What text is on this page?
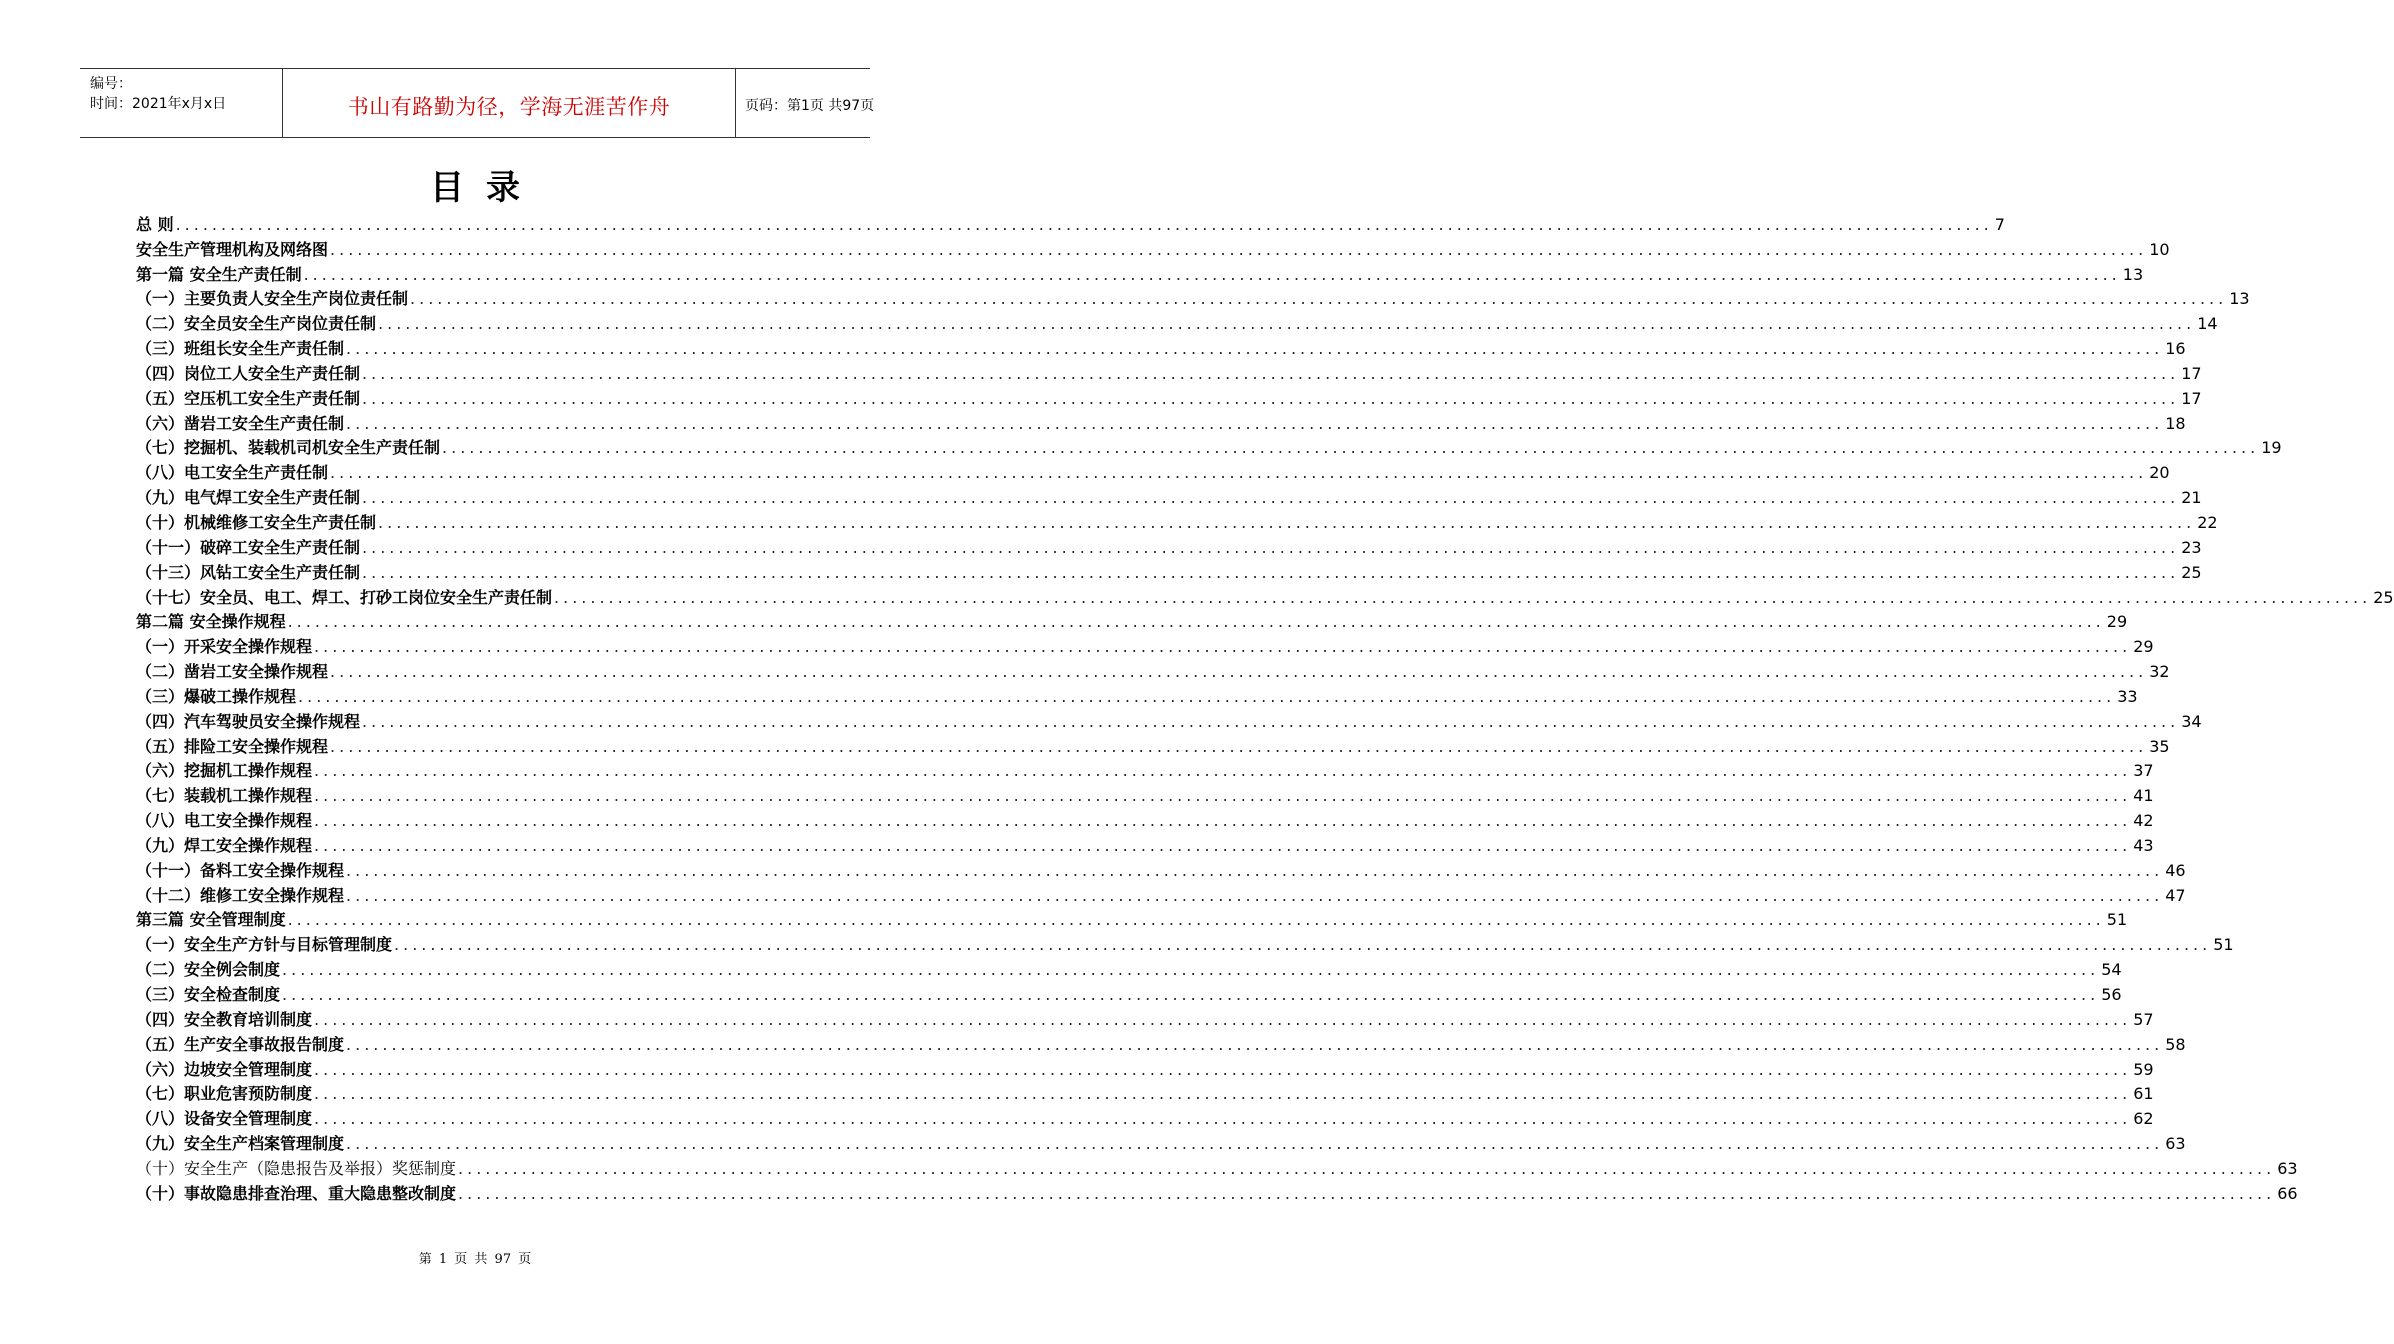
编号：
时间：2021年x月x日	书山有路勤为径，学海无涯苦作舟	页码：第1页 共97页
目录
总 则 ........................................................................................................................................................................................................ 7
安全生产管理机构及网络图 ........................................................................................................................................................................................................ 10
第一篇 安全生产责任制 ........................................................................................................................................................................................................ 13
（一）主要负责人安全生产岗位责任制 ........................................................................................................................................................................................................ 13
（二）安全员安全生产岗位责任制 ........................................................................................................................................................................................................ 14
（三）班组长安全生产责任制 ........................................................................................................................................................................................................ 16
（四）岗位工人安全生产责任制 ........................................................................................................................................................................................................ 17
（五）空压机工安全生产责任制 ........................................................................................................................................................................................................ 17
（六）凿岩工安全生产责任制 ........................................................................................................................................................................................................ 18
（七）挖掘机、装载机司机安全生产责任制 ........................................................................................................................................................................................................ 19
（八）电工安全生产责任制 ........................................................................................................................................................................................................ 20
（九）电气焊工安全生产责任制 ........................................................................................................................................................................................................ 21
（十）机械维修工安全生产责任制 ........................................................................................................................................................................................................ 22
（十一）破碎工安全生产责任制 ........................................................................................................................................................................................................ 23
（十三）风钻工安全生产责任制 ........................................................................................................................................................................................................ 25
（十七）安全员、电工、焊工、打砂工岗位安全生产责任制 ........................................................................................................................................................................................................ 25
第二篇 安全操作规程 ........................................................................................................................................................................................................ 29
（一）开采安全操作规程 ........................................................................................................................................................................................................ 29
（二）凿岩工安全操作规程 ........................................................................................................................................................................................................ 32
（三）爆破工操作规程 ........................................................................................................................................................................................................ 33
（四）汽车驾驶员安全操作规程 ........................................................................................................................................................................................................ 34
（五）排险工安全操作规程 ........................................................................................................................................................................................................ 35
（六）挖掘机工操作规程 ........................................................................................................................................................................................................ 37
（七）装载机工操作规程 ........................................................................................................................................................................................................ 41
（八）电工安全操作规程 ........................................................................................................................................................................................................ 42
（九）焊工安全操作规程 ........................................................................................................................................................................................................ 43
（十一）备料工安全操作规程 ........................................................................................................................................................................................................ 46
（十二）维修工安全操作规程 ........................................................................................................................................................................................................ 47
第三篇 安全管理制度 ........................................................................................................................................................................................................ 51
（一）安全生产方针与目标管理制度 ........................................................................................................................................................................................................ 51
（二）安全例会制度 ........................................................................................................................................................................................................ 54
（三）安全检查制度 ........................................................................................................................................................................................................ 56
（四）安全教育培训制度 ........................................................................................................................................................................................................ 57
（五）生产安全事故报告制度 ........................................................................................................................................................................................................ 58
（六）边坡安全管理制度 ........................................................................................................................................................................................................ 59
（七）职业危害预防制度 ........................................................................................................................................................................................................ 61
（八）设备安全管理制度 ........................................................................................................................................................................................................ 62
（九）安全生产档案管理制度 ........................................................................................................................................................................................................ 63
（十）安全生产（隐患报告及举报）奖惩制度 ........................................................................................................................................................................................................ 63
（十）事故隐患排查治理、重大隐患整改制度 ........................................................................................................................................................................................................ 66
第 1 页 共 97 页
